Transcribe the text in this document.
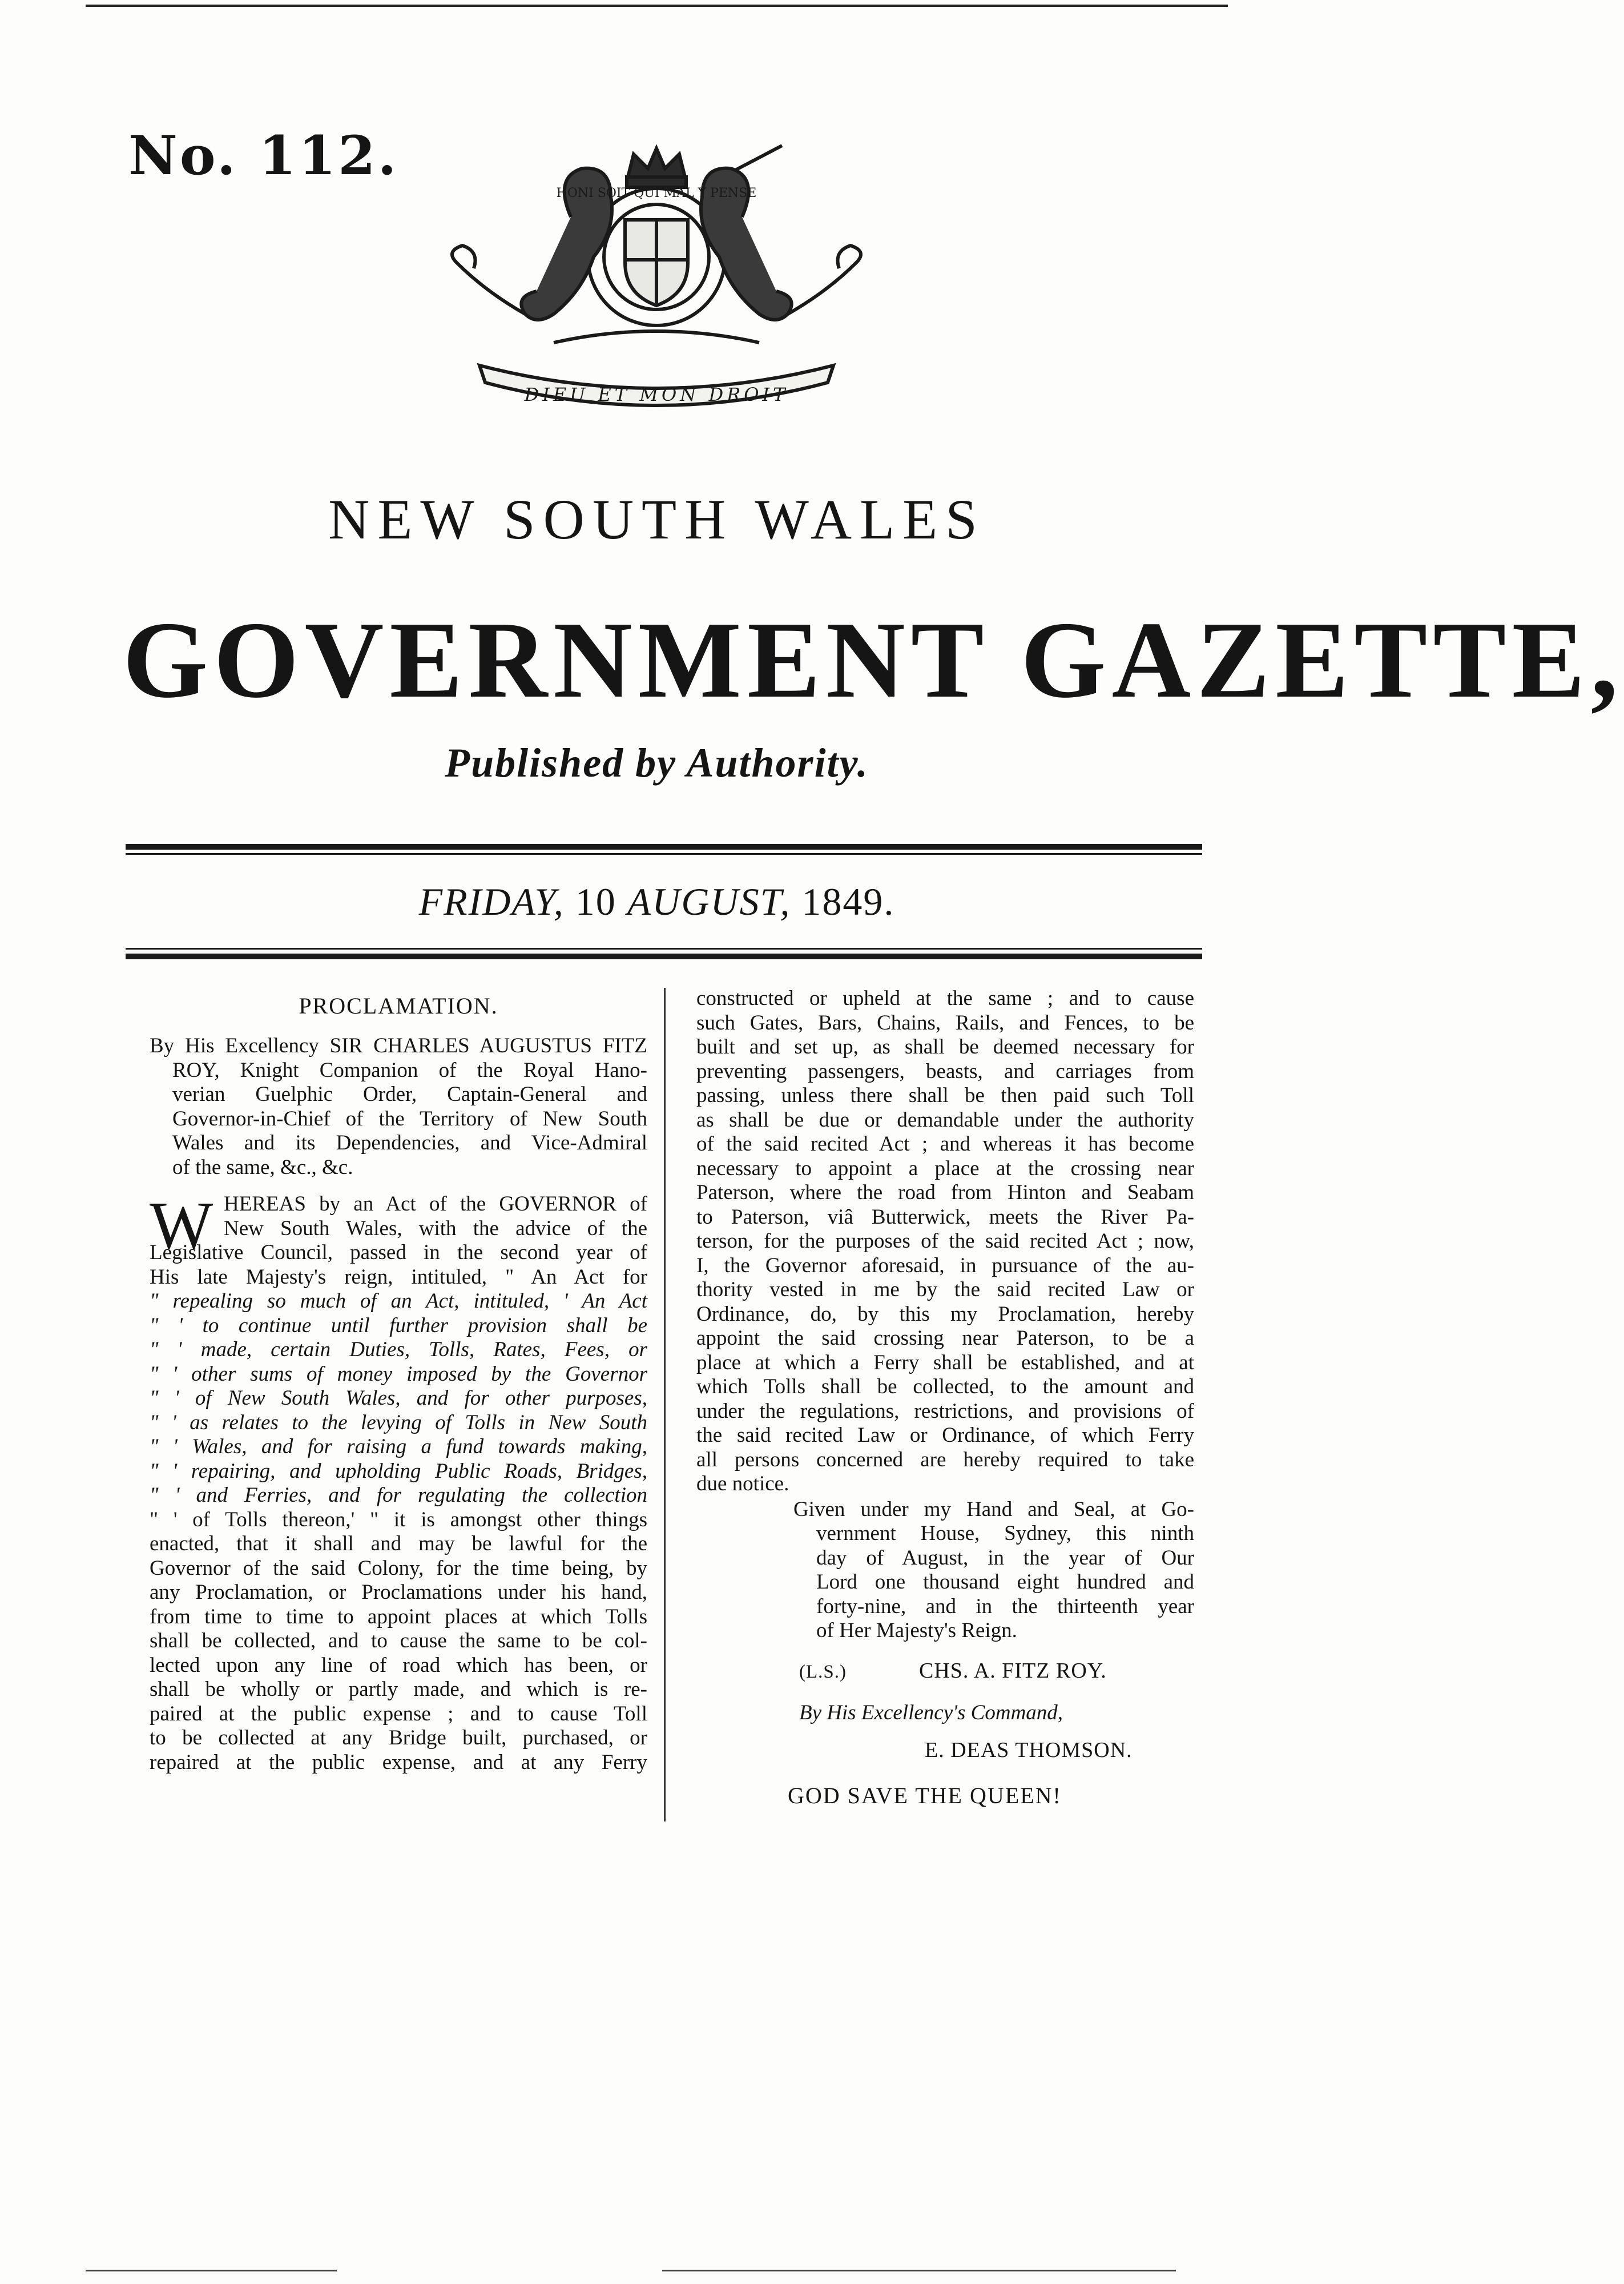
No. 112.
HONI SOIT QUI MAL Y PENSE
DIEU ET MON DROIT
NEW SOUTH WALES
GOVERNMENT GAZETTE,
Published by Authority.
FRIDAY, 10 AUGUST, 1849.
PROCLAMATION.
By His Excellency SIR CHARLES AUGUSTUS FITZ
ROY, Knight Companion of the Royal Hano-
verian Guelphic Order, Captain-General and
Governor-in-Chief of the Territory of New South
Wales and its Dependencies, and Vice-Admiral
of the same, &c., &c.
W HEREAS by an Act of the GOVERNOR of
New South Wales, with the advice of the
Legislative Council, passed in the second year of
His late Majesty's reign, intituled, " An Act for
" repealing so much of an Act, intituled, ' An Act
" ' to continue until further provision shall be
" ' made, certain Duties, Tolls, Rates, Fees, or
" ' other sums of money imposed by the Governor
" ' of New South Wales, and for other purposes,
" ' as relates to the levying of Tolls in New South
" ' Wales, and for raising a fund towards making,
" ' repairing, and upholding Public Roads, Bridges,
" ' and Ferries, and for regulating the collection
" ' of Tolls thereon,' " it is amongst other things
enacted, that it shall and may be lawful for the
Governor of the said Colony, for the time being, by
any Proclamation, or Proclamations under his hand,
from time to time to appoint places at which Tolls
shall be collected, and to cause the same to be col-
lected upon any line of road which has been, or
shall be wholly or partly made, and which is re-
paired at the public expense ; and to cause Toll
to be collected at any Bridge built, purchased, or
repaired at the public expense, and at any Ferry
constructed or upheld at the same ; and to cause
such Gates, Bars, Chains, Rails, and Fences, to be
built and set up, as shall be deemed necessary for
preventing passengers, beasts, and carriages from
passing, unless there shall be then paid such Toll
as shall be due or demandable under the authority
of the said recited Act ; and whereas it has become
necessary to appoint a place at the crossing near
Paterson, where the road from Hinton and Seabam
to Paterson, viâ Butterwick, meets the River Pa-
terson, for the purposes of the said recited Act ; now,
I, the Governor aforesaid, in pursuance of the au-
thority vested in me by the said recited Law or
Ordinance, do, by this my Proclamation, hereby
appoint the said crossing near Paterson, to be a
place at which a Ferry shall be established, and at
which Tolls shall be collected, to the amount and
under the regulations, restrictions, and provisions of
the said recited Law or Ordinance, of which Ferry
all persons concerned are hereby required to take
due notice.
Given under my Hand and Seal, at Go-
vernment House, Sydney, this ninth
day of August, in the year of Our
Lord one thousand eight hundred and
forty-nine, and in the thirteenth year
of Her Majesty's Reign.
(L.S.)	CHS. A. FITZ ROY.
By His Excellency's Command,
E. DEAS THOMSON.
GOD SAVE THE QUEEN!
